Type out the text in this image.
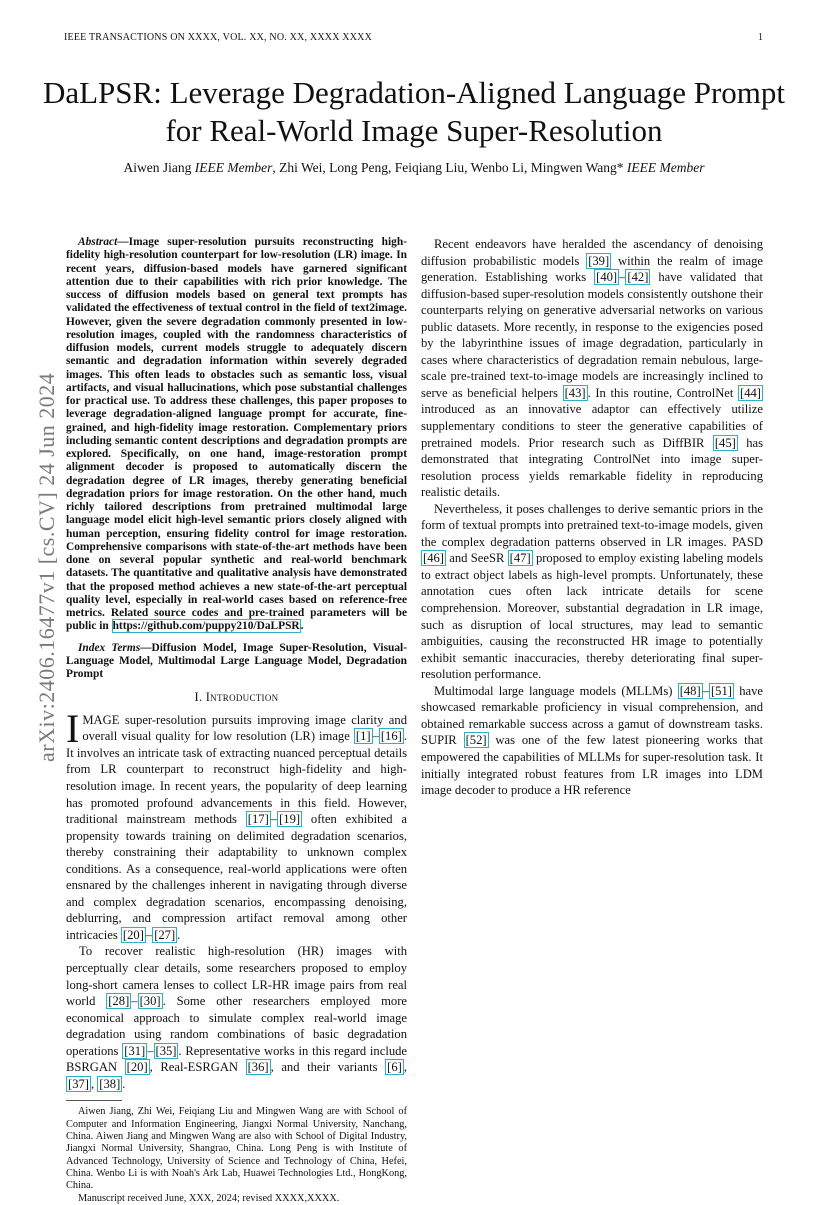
IEEE TRANSACTIONS ON XXXX, VOL. XX, NO. XX, XXXX XXXX	1
DaLPSR: Leverage Degradation-Aligned Language Prompt for Real-World Image Super-Resolution
Aiwen Jiang IEEE Member, Zhi Wei, Long Peng, Feiqiang Liu, Wenbo Li, Mingwen Wang* IEEE Member
arXiv:2406.16477v1 [cs.CV] 24 Jun 2024

Abstract—Image super-resolution pursuits reconstructing high-fidelity high-resolution counterpart for low-resolution (LR) image. In recent years, diffusion-based models have garnered significant attention due to their capabilities with rich prior knowledge. The success of diffusion models based on general text prompts has validated the effectiveness of textual control in the field of text2image. However, given the severe degradation commonly presented in low-resolution images, coupled with the randomness characteristics of diffusion models, current models struggle to adequately discern semantic and degradation information within severely degraded images. This often leads to obstacles such as semantic loss, visual artifacts, and visual hallucinations, which pose substantial challenges for practical use. To address these challenges, this paper proposes to leverage degradation-aligned language prompt for accurate, fine-grained, and high-fidelity image restoration. Complementary priors including semantic content descriptions and degradation prompts are explored. Specifically, on one hand, image-restoration prompt alignment decoder is proposed to automatically discern the degradation degree of LR images, thereby generating beneficial degradation priors for image restoration. On the other hand, much richly tailored descriptions from pretrained multimodal large language model elicit high-level semantic priors closely aligned with human perception, ensuring fidelity control for image restoration. Comprehensive comparisons with state-of-the-art methods have been done on several popular synthetic and real-world benchmark datasets. The quantitative and qualitative analysis have demonstrated that the proposed method achieves a new state-of-the-art perceptual quality level, especially in real-world cases based on reference-free metrics. Related source codes and pre-trained parameters will be public in https://github.com/puppy210/DaLPSR.

Index Terms—Diffusion Model, Image Super-Resolution, Visual-Language Model, Multimodal Large Language Model, Degradation Prompt

I. Introduction

IMAGE super-resolution pursuits improving image clarity and overall visual quality for low resolution (LR) image [1] – [16] . It involves an intricate task of extracting nuanced perceptual details from LR counterpart to reconstruct high-fidelity and high-resolution image. In recent years, the popularity of deep learning has promoted profound advancements in this field. However, traditional mainstream methods [17] – [19] often exhibited a propensity towards training on delimited degradation scenarios, thereby constraining their adaptability to unknown complex conditions. As a consequence, real-world applications were often ensnared by the challenges inherent in navigating through diverse and complex degradation scenarios, encompassing denoising, deblurring, and compression artifact removal among other intricacies [20] – [27] .

To recover realistic high-resolution (HR) images with perceptually clear details, some researchers proposed to employ long-short camera lenses to collect LR-HR image pairs from real world [28] – [30] . Some other researchers employed more economical approach to simulate complex real-world image degradation using random combinations of basic degradation operations [31] – [35] . Representative works in this regard include BSRGAN [20] , Real-ESRGAN [36] , and their variants [6] , [37] , [38] .

Aiwen Jiang, Zhi Wei, Feiqiang Liu and Mingwen Wang are with School of Computer and Information Engineering, Jiangxi Normal University, Nanchang, China. Aiwen Jiang and Mingwen Wang are also with School of Digital Industry, Jiangxi Normal University, Shangrao, China. Long Peng is with Institute of Advanced Technology, University of Science and Technology of China, Hefei, China. Wenbo Li is with Noah's Ark Lab, Huawei Technologies Ltd., HongKong, China.

Manuscript received June, XXX, 2024; revised XXXX,XXXX.

Recent endeavors have heralded the ascendancy of denoising diffusion probabilistic models [39] within the realm of image generation. Establishing works [40] – [42] have validated that diffusion-based super-resolution models consistently outshone their counterparts relying on generative adversarial networks on various public datasets. More recently, in response to the exigencies posed by the labyrinthine issues of image degradation, particularly in cases where characteristics of degradation remain nebulous, large-scale pre-trained text-to-image models are increasingly inclined to serve as beneficial helpers [43] . In this routine, ControlNet [44] introduced as an innovative adaptor can effectively utilize supplementary conditions to steer the generative capabilities of pretrained models. Prior research such as DiffBIR [45] has demonstrated that integrating ControlNet into image super-resolution process yields remarkable fidelity in reproducing realistic details.

Nevertheless, it poses challenges to derive semantic priors in the form of textual prompts into pretrained text-to-image models, given the complex degradation patterns observed in LR images. PASD [46] and SeeSR [47] proposed to employ existing labeling models to extract object labels as high-level prompts. Unfortunately, these annotation cues often lack intricate details for scene comprehension. Moreover, substantial degradation in LR image, such as disruption of local structures, may lead to semantic ambiguities, causing the reconstructed HR image to potentially exhibit semantic inaccuracies, thereby deteriorating final super-resolution performance.

Multimodal large language models (MLLMs) [48] – [51] have showcased remarkable proficiency in visual comprehension, and obtained remarkable success across a gamut of downstream tasks. SUPIR [52] was one of the few latest pioneering works that empowered the capabilities of MLLMs for super-resolution task. It initially integrated robust features from LR images into LDM image decoder to produce a HR reference
